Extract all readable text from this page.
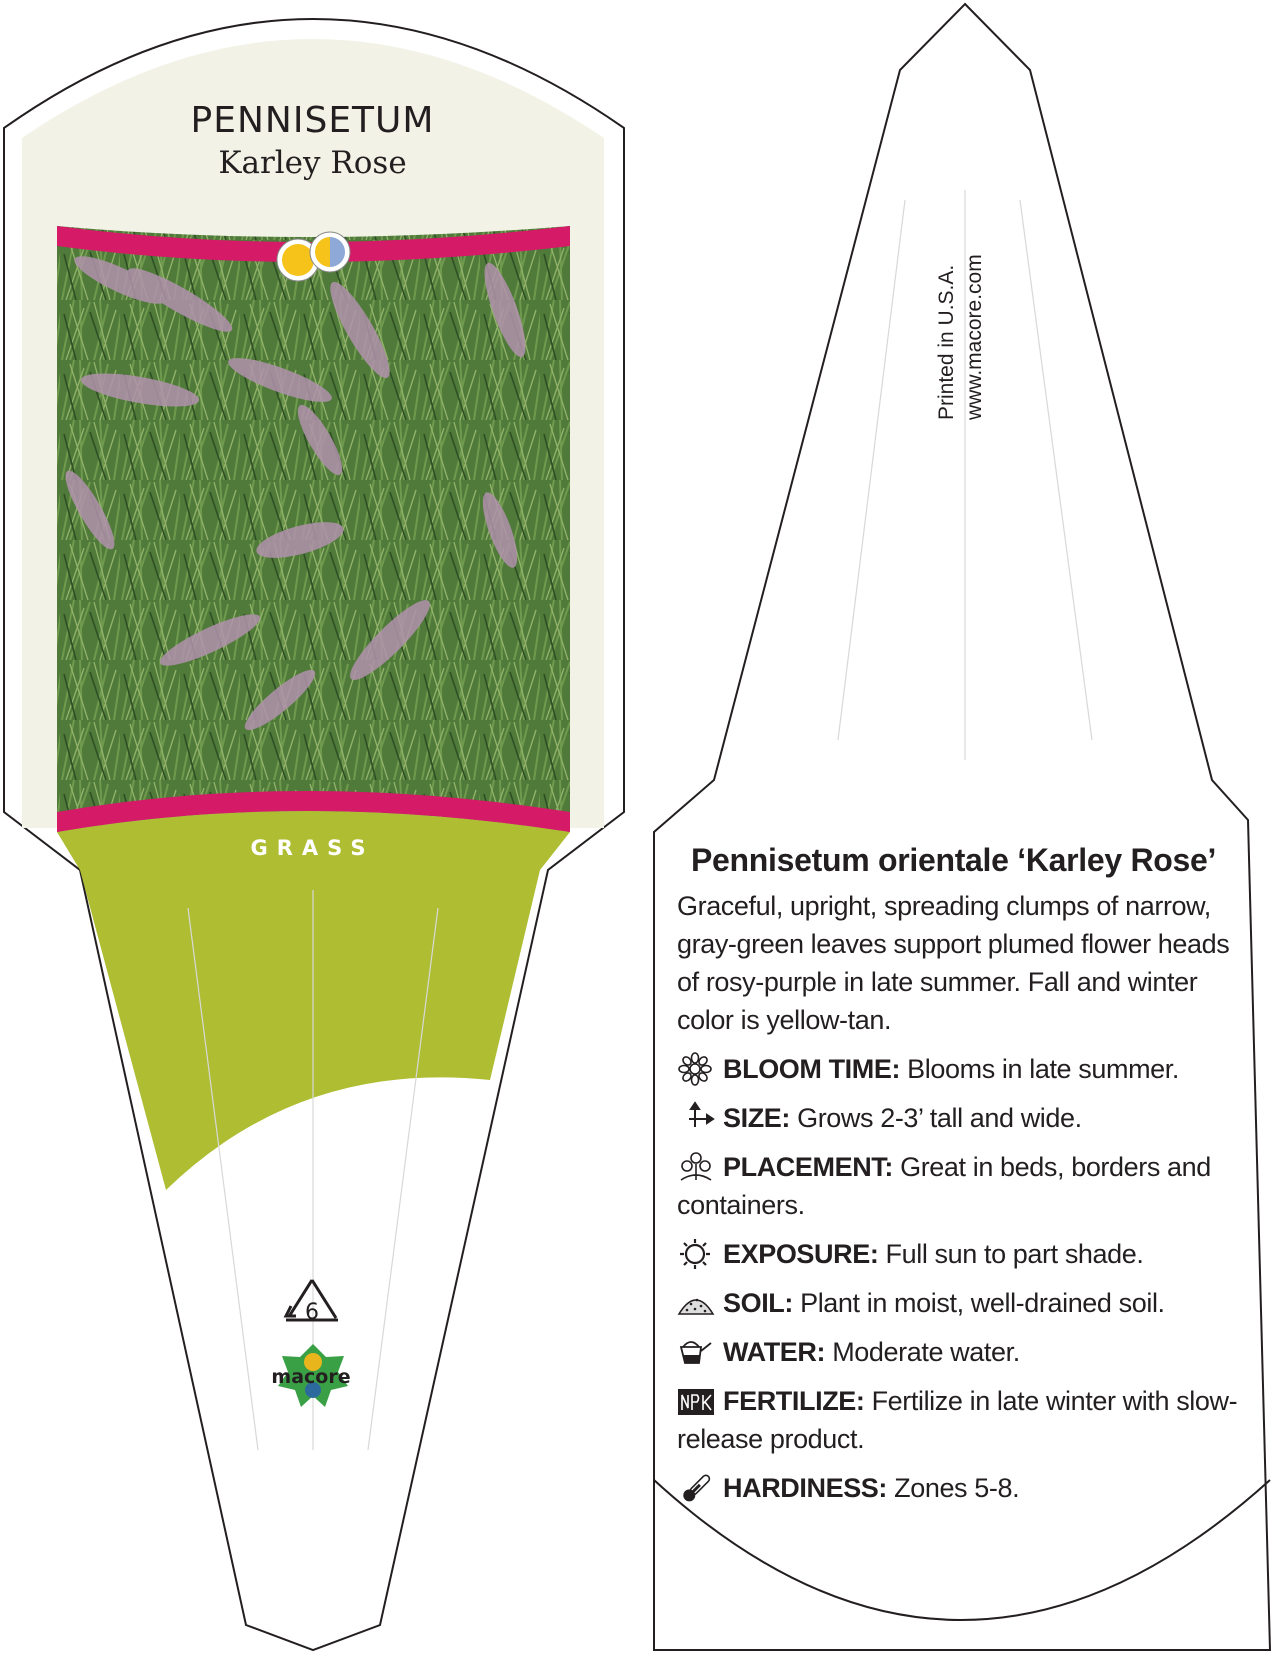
PENNISETUM
Karley Rose
GRASS
6
macore
Printed in U.S.A. www.macore.com
Pennisetum orientale ‘Karley Rose’
Graceful, upright, spreading clumps of narrow, gray-green leaves support plumed flower heads of rosy-purple in late summer. Fall and winter color is yellow-tan.
BLOOM TIME: Blooms in late summer.
SIZE: Grows 2-3’ tall and wide.
PLACEMENT: Great in beds, borders and containers.
EXPOSURE: Full sun to part shade.
SOIL: Plant in moist, well-drained soil.
WATER: Moderate water.
FERTILIZE: Fertilize in late winter with slow-release product.
HARDINESS: Zones 5-8.
